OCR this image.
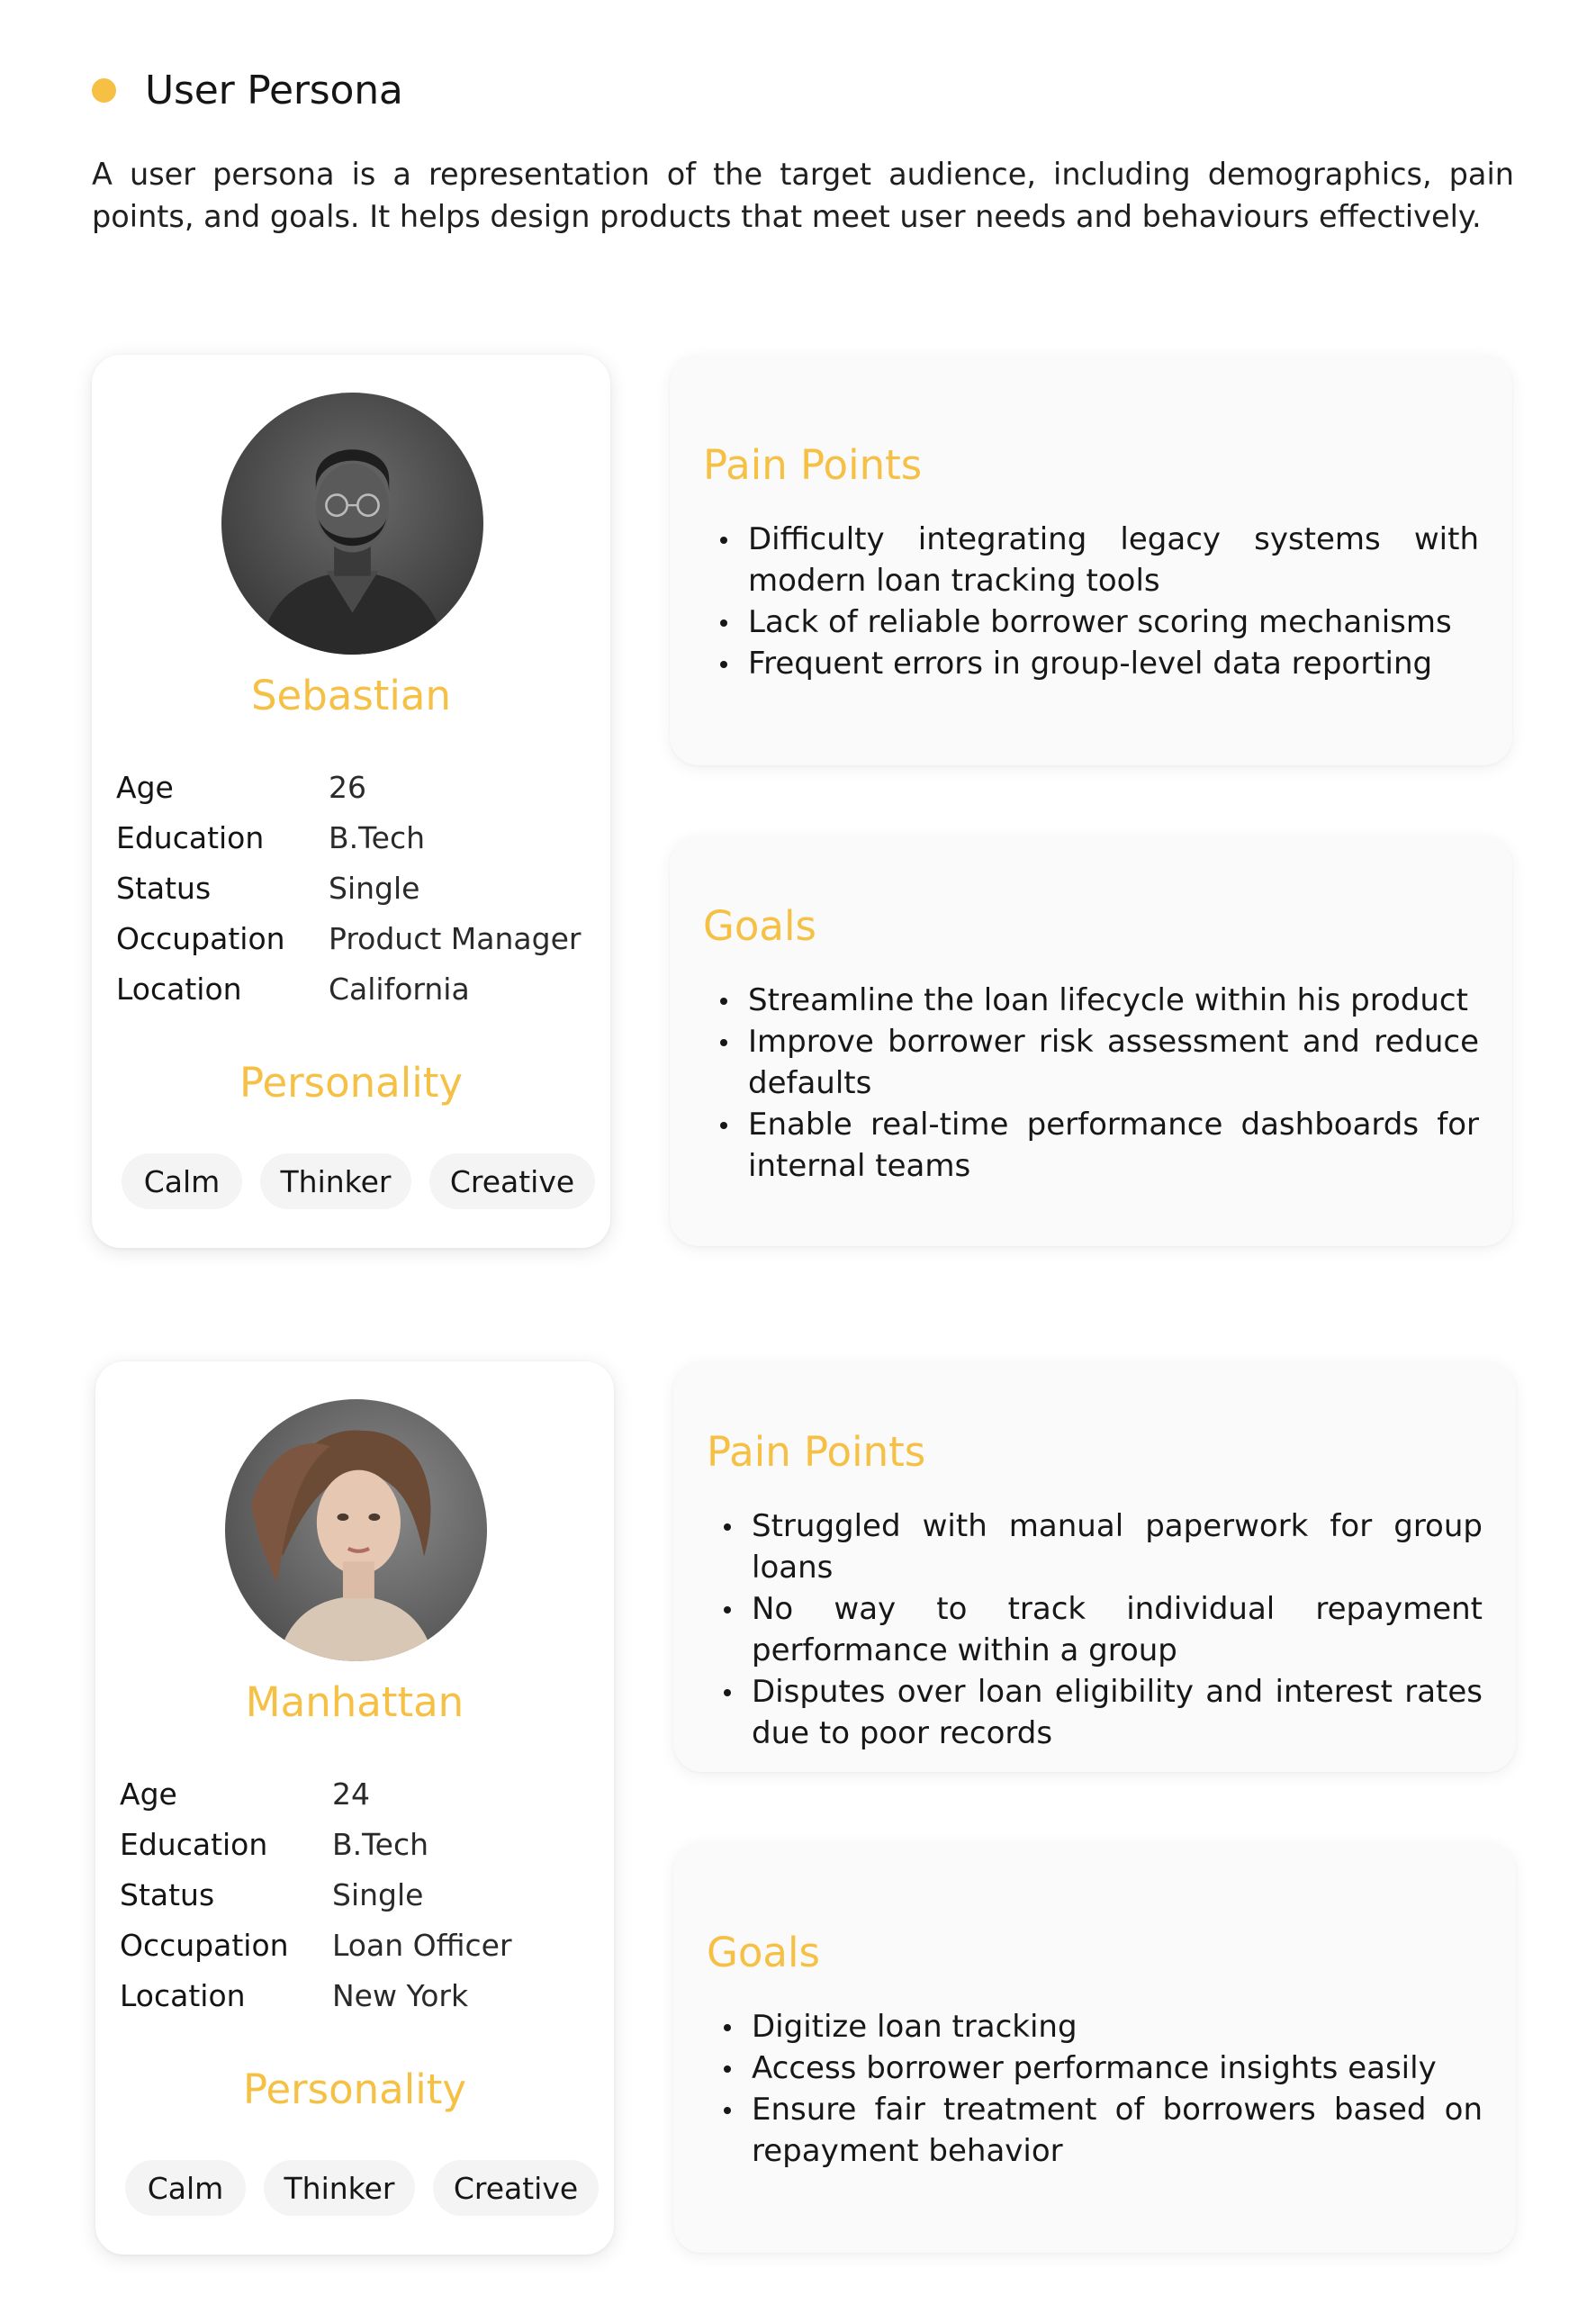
User Persona

A user persona is a representation of the target audience, including demographics, pain points, and goals. It helps design products that meet user needs and behaviours effectively.

Sebastian
Age	26
Education	B.Tech
Status	Single
Occupation	Product Manager
Location	California
Personality
Calm	Thinker	Creative
Pain Points
Difficulty integrating legacy systems with modern loan tracking tools
Lack of reliable borrower scoring mechanisms
Frequent errors in group-level data reporting
Goals
Streamline the loan lifecycle within his product
Improve borrower risk assessment and reduce defaults
Enable real-time performance dashboards for internal teams
Manhattan
Age	24
Education	B.Tech
Status	Single
Occupation	Loan Officer
Location	New York
Personality
Calm	Thinker	Creative
Pain Points
Struggled with manual paperwork for group loans
No way to track individual repayment performance within a group
Disputes over loan eligibility and interest rates due to poor records
Goals
Digitize loan tracking
Access borrower performance insights easily
Ensure fair treatment of borrowers based on repayment behavior
